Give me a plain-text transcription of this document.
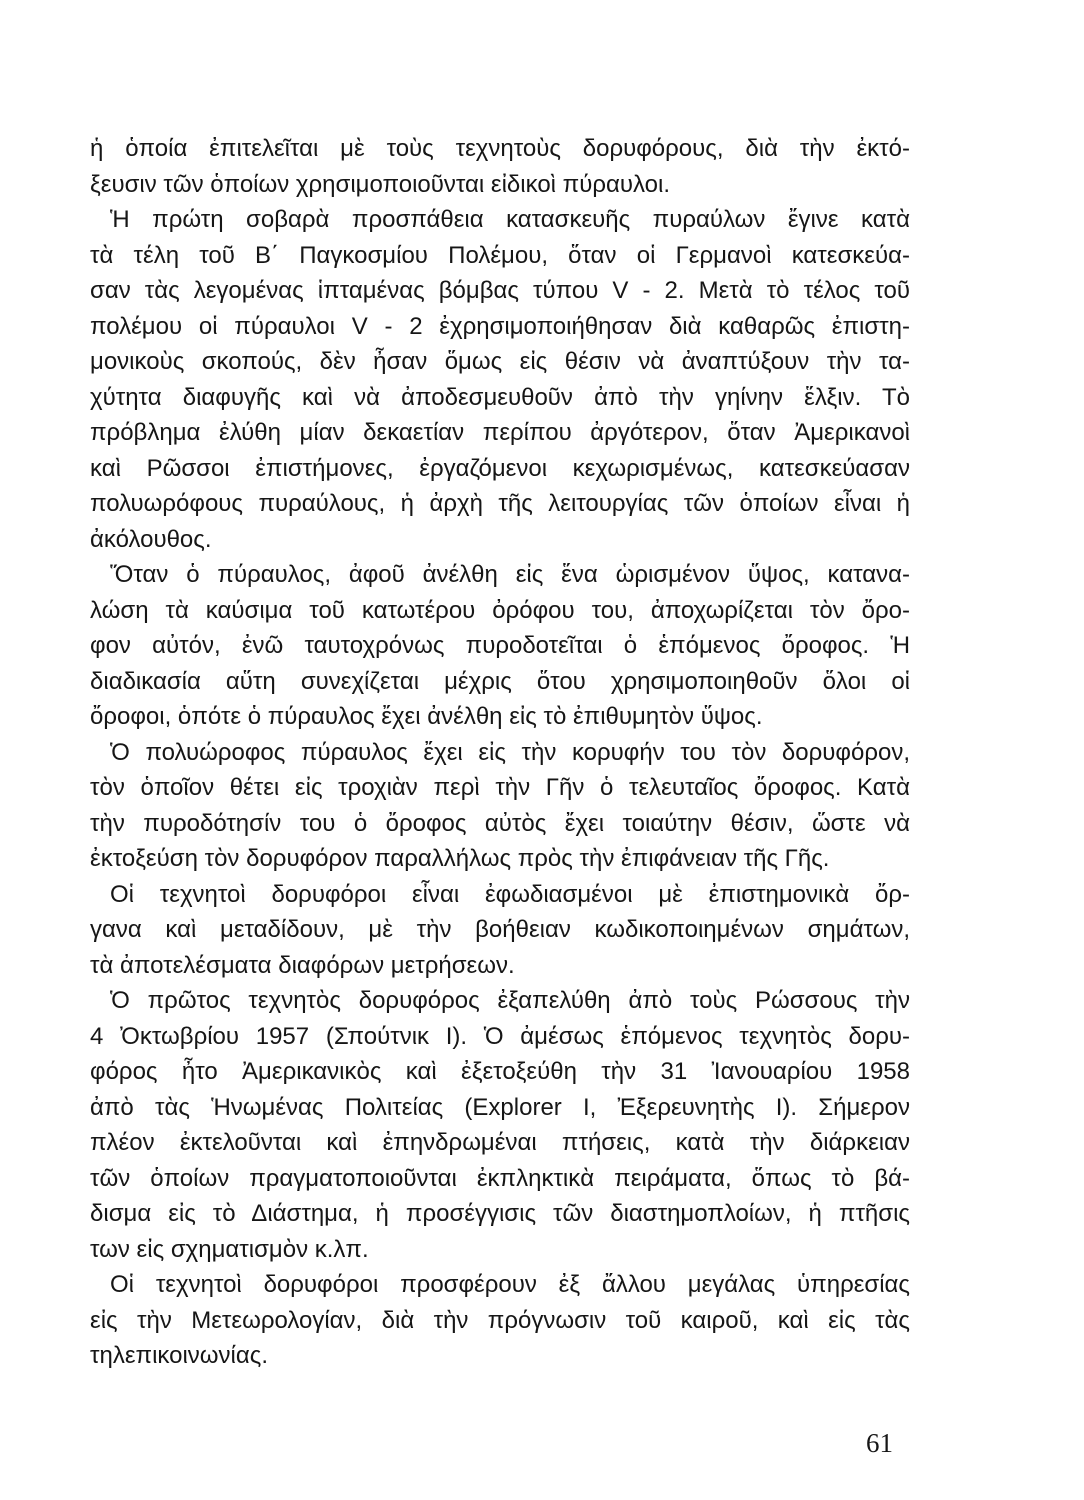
ἡ ὁποία ἐπιτελεῖται μὲ τοὺς τεχνητοὺς δορυφόρους, διὰ τὴν ἐκτό-
ξευσιν τῶν ὁποίων χρησιμοποιοῦνται εἰδικοὶ πύραυλοι.
Ἡ πρώτη σοβαρὰ προσπάθεια κατασκευῆς πυραύλων ἔγινε κατὰ
τὰ τέλη τοῦ Β΄ Παγκοσμίου Πολέμου, ὅταν οἱ Γερμανοὶ κατεσκεύα-
σαν τὰς λεγομένας ἱπταμένας βόμβας τύπου V - 2. Μετὰ τὸ τέλος τοῦ
πολέμου οἱ πύραυλοι V - 2 ἐχρησιμοποιήθησαν διὰ καθαρῶς ἐπιστη-
μονικοὺς σκοπούς, δὲν ἦσαν ὅμως εἰς θέσιν νὰ ἀναπτύξουν τὴν τα-
χύτητα διαφυγῆς καὶ νὰ ἀποδεσμευθοῦν ἀπὸ τὴν γηίνην ἕλξιν. Τὸ
πρόβλημα ἐλύθη μίαν δεκαετίαν περίπου ἀργότερον, ὅταν Ἀμερικανοὶ
καὶ Ρῶσσοι ἐπιστήμονες, ἐργαζόμενοι κεχωρισμένως, κατεσκεύασαν
πολυωρόφους πυραύλους, ἡ ἀρχὴ τῆς λειτουργίας τῶν ὁποίων εἶναι ἡ
ἀκόλουθος.
Ὅταν ὁ πύραυλος, ἀφοῦ ἀνέλθη εἰς ἕνα ὡρισμένον ὕψος, κατανα-
λώση τὰ καύσιμα τοῦ κατωτέρου ὀρόφου του, ἀποχωρίζεται τὸν ὄρο-
φον αὐτόν, ἐνῶ ταυτοχρόνως πυροδοτεῖται ὁ ἑπόμενος ὄροφος. Ἡ
διαδικασία αὕτη συνεχίζεται μέχρις ὅτου χρησιμοποιηθοῦν ὅλοι οἱ
ὄροφοι, ὁπότε ὁ πύραυλος ἔχει ἀνέλθη εἰς τὸ ἐπιθυμητὸν ὕψος.
Ὁ πολυώροφος πύραυλος ἔχει εἰς τὴν κορυφήν του τὸν δορυφόρον,
τὸν ὁποῖον θέτει εἰς τροχιὰν περὶ τὴν Γῆν ὁ τελευταῖος ὄροφος. Κατὰ
τὴν πυροδότησίν του ὁ ὄροφος αὐτὸς ἔχει τοιαύτην θέσιν, ὥστε νὰ
ἐκτοξεύση τὸν δορυφόρον παραλλήλως πρὸς τὴν ἐπιφάνειαν τῆς Γῆς.
Οἱ τεχνητοὶ δορυφόροι εἶναι ἐφωδιασμένοι μὲ ἐπιστημονικὰ ὄρ-
γανα καὶ μεταδίδουν, μὲ τὴν βοήθειαν κωδικοποιημένων σημάτων,
τὰ ἀποτελέσματα διαφόρων μετρήσεων.
Ὁ πρῶτος τεχνητὸς δορυφόρος ἐξαπελύθη ἀπὸ τοὺς Ρώσσους τὴν
4 Ὀκτωβρίου 1957 (Σπούτνικ Ι). Ὁ ἀμέσως ἑπόμενος τεχνητὸς δορυ-
φόρος ἦτο Ἀμερικανικὸς καὶ ἐξετοξεύθη τὴν 31 Ἰανουαρίου 1958
ἀπὸ τὰς Ἡνωμένας Πολιτείας (Explorer Ι, Ἐξερευνητὴς Ι). Σήμερον
πλέον ἐκτελοῦνται καὶ ἐπηνδρωμέναι πτήσεις, κατὰ τὴν διάρκειαν
τῶν ὁποίων πραγματοποιοῦνται ἐκπληκτικὰ πειράματα, ὅπως τὸ βά-
δισμα εἰς τὸ Διάστημα, ἡ προσέγγισις τῶν διαστημοπλοίων, ἡ πτῆσις
των εἰς σχηματισμὸν κ.λπ.
Οἱ τεχνητοὶ δορυφόροι προσφέρουν ἐξ ἄλλου μεγάλας ὑπηρεσίας
εἰς τὴν Μετεωρολογίαν, διὰ τὴν πρόγνωσιν τοῦ καιροῦ, καὶ εἰς τὰς
τηλεπικοινωνίας.
61
